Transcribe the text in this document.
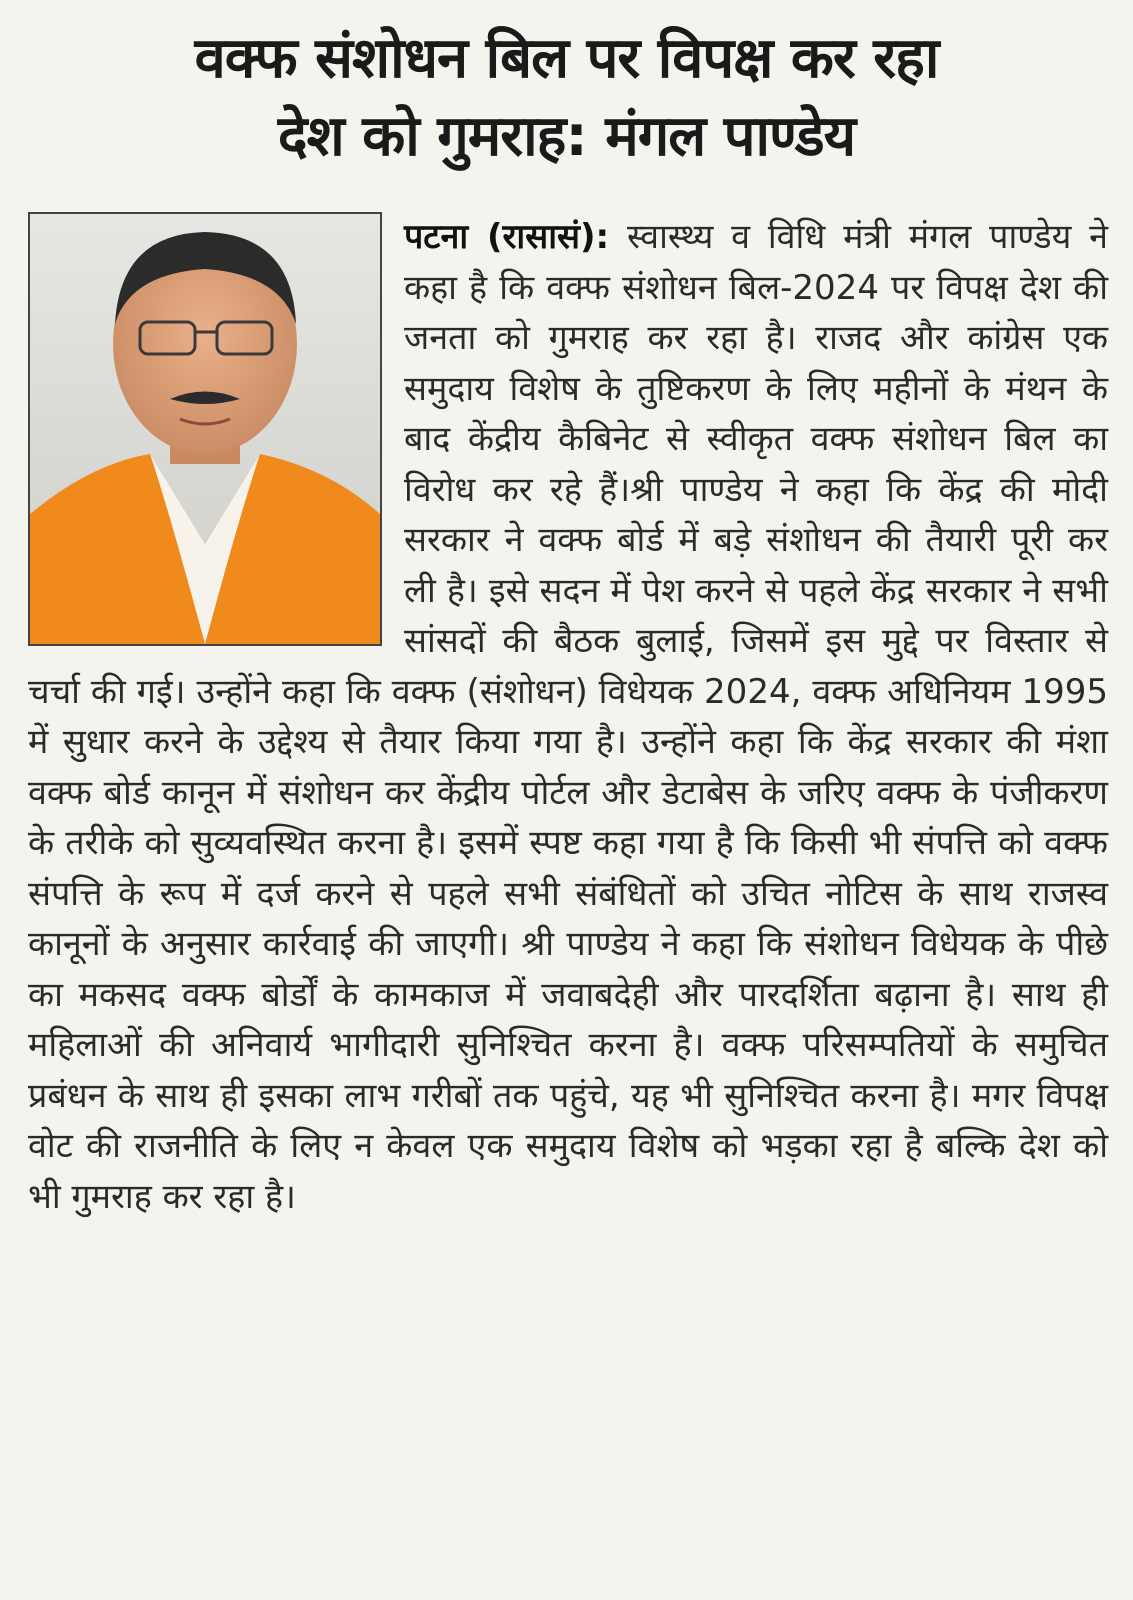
वक्फ संशोधन बिल पर विपक्ष कर रहा
देश को गुमराह: मंगल पाण्डेय
पटना (रासासं): स्वास्थ्य व विधि मंत्री मंगल पाण्डेय ने कहा है कि वक्फ संशोधन बिल-2024 पर विपक्ष देश की जनता को गुमराह कर रहा है। राजद और कांग्रेस एक समुदाय विशेष के तुष्टिकरण के लिए महीनों के मंथन के बाद केंद्रीय कैबिनेट से स्वीकृत वक्फ संशोधन बिल का विरोध कर रहे हैं।श्री पाण्डेय ने कहा कि केंद्र की मोदी सरकार ने वक्फ बोर्ड में बड़े संशोधन की तैयारी पूरी कर ली है। इसे सदन में पेश करने से पहले केंद्र सरकार ने सभी सांसदों की बैठक बुलाई, जिसमें इस मुद्दे पर विस्तार से चर्चा की गई। उन्होंने कहा कि वक्फ (संशोधन) विधेयक 2024, वक्फ अधिनियम 1995 में सुधार करने के उद्देश्य से तैयार किया गया है। उन्होंने कहा कि केंद्र सरकार की मंशा वक्फ बोर्ड कानून में संशोधन कर केंद्रीय पोर्टल और डेटाबेस के जरिए वक्फ के पंजीकरण के तरीके को सुव्यवस्थित करना है। इसमें स्पष्ट कहा गया है कि किसी भी संपत्ति को वक्फ संपत्ति के रूप में दर्ज करने से पहले सभी संबंधितों को उचित नोटिस के साथ राजस्व कानूनों के अनुसार कार्रवाई की जाएगी। श्री पाण्डेय ने कहा कि संशोधन विधेयक के पीछे का मकसद वक्फ बोर्डों के कामकाज में जवाबदेही और पारदर्शिता बढ़ाना है। साथ ही महिलाओं की अनिवार्य भागीदारी सुनिश्चित करना है। वक्फ परिसम्पतियों के समुचित प्रबंधन के साथ ही इसका लाभ गरीबों तक पहुंचे, यह भी सुनिश्चित करना है। मगर विपक्ष वोट की राजनीति के लिए न केवल एक समुदाय विशेष को भड़का रहा है बल्कि देश को भी गुमराह कर रहा है।
